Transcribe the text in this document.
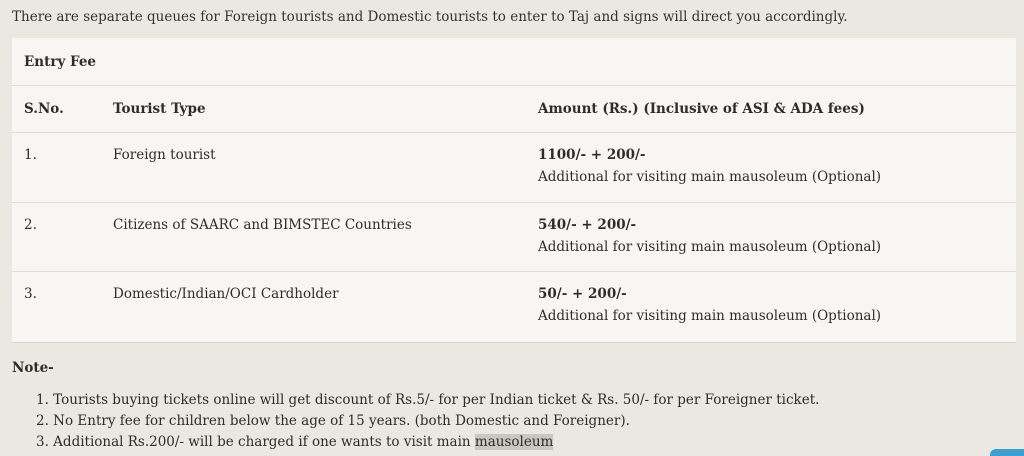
There are separate queues for Foreign tourists and Domestic tourists to enter to Taj and signs will direct you accordingly.
Entry Fee
S.No.	Tourist Type	Amount (Rs.) (Inclusive of ASI & ADA fees)
1.	Foreign tourist	1100/- + 200/-
Additional for visiting main mausoleum (Optional)
2.	Citizens of SAARC and BIMSTEC Countries	540/- + 200/-
Additional for visiting main mausoleum (Optional)
3.	Domestic/Indian/OCI Cardholder	50/- + 200/-
Additional for visiting main mausoleum (Optional)
Note-
1. Tourists buying tickets online will get discount of Rs.5/- for per Indian ticket & Rs. 50/- for per Foreigner ticket.
2. No Entry fee for children below the age of 15 years. (both Domestic and Foreigner).
3. Additional Rs.200/- will be charged if one wants to visit main mausoleum
